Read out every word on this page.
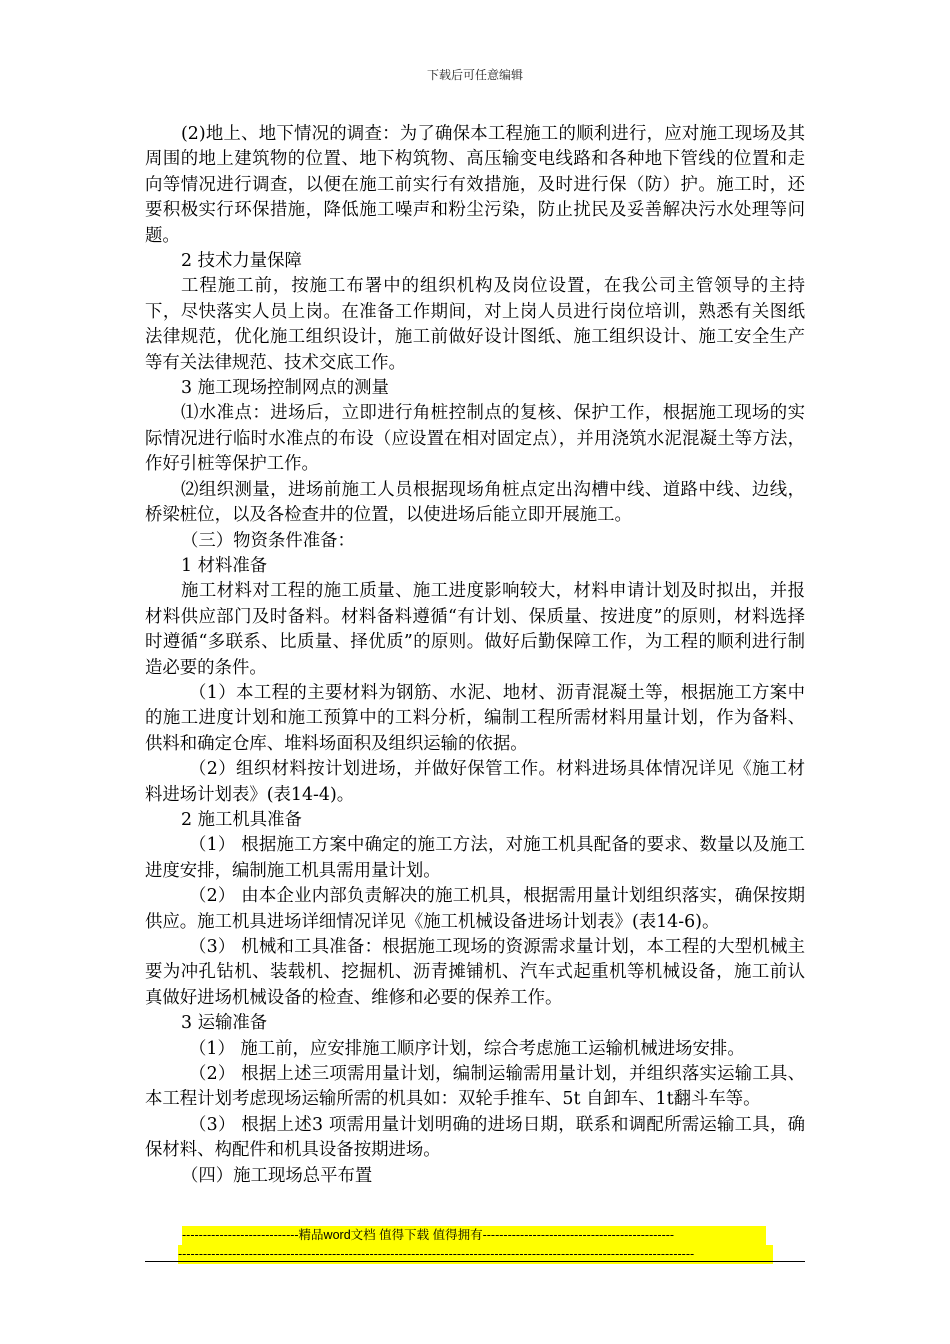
下载后可任意编辑

(2)地上、地下情况的调查：为了确保本工程施工的顺利进行，应对施工现场及其周围的地上建筑物的位置、地下构筑物、高压输变电线路和各种地下管线的位置和走向等情况进行调查，以便在施工前实行有效措施，及时进行保（防）护。施工时，还要积极实行环保措施，降低施工噪声和粉尘污染，防止扰民及妥善解决污水处理等问题。

2 技术力量保障

工程施工前，按施工布署中的组织机构及岗位设置，在我公司主管领导的主持下，尽快落实人员上岗。在准备工作期间，对上岗人员进行岗位培训，熟悉有关图纸法律规范，优化施工组织设计，施工前做好设计图纸、施工组织设计、施工安全生产等有关法律规范、技术交底工作。

3 施工现场控制网点的测量

⑴水准点：进场后，立即进行角桩控制点的复核、保护工作，根据施工现场的实际情况进行临时水准点的布设（应设置在相对固定点），并用浇筑水泥混凝土等方法，作好引桩等保护工作。

⑵组织测量，进场前施工人员根据现场角桩点定出沟槽中线、道路中线、边线，桥梁桩位，以及各检查井的位置，以使进场后能立即开展施工。

（三）物资条件准备：

1 材料准备

施工材料对工程的施工质量、施工进度影响较大，材料申请计划及时拟出，并报材料供应部门及时备料。材料备料遵循“有计划、保质量、按进度”的原则，材料选择时遵循“多联系、比质量、择优质”的原则。做好后勤保障工作，为工程的顺利进行制造必要的条件。

（1）本工程的主要材料为钢筋、水泥、地材、沥青混凝土等，根据施工方案中的施工进度计划和施工预算中的工料分析，编制工程所需材料用量计划，作为备料、供料和确定仓库、堆料场面积及组织运输的依据。

（2）组织材料按计划进场，并做好保管工作。材料进场具体情况详见《施工材料进场计划表》(表14-4)。

2 施工机具准备

（1） 根据施工方案中确定的施工方法，对施工机具配备的要求、数量以及施工进度安排，编制施工机具需用量计划。

（2） 由本企业内部负责解决的施工机具，根据需用量计划组织落实，确保按期供应。施工机具进场详细情况详见《施工机械设备进场计划表》(表14-6)。

（3） 机械和工具准备：根据施工现场的资源需求量计划，本工程的大型机械主要为冲孔钻机、装载机、挖掘机、沥青摊铺机、汽车式起重机等机械设备，施工前认真做好进场机械设备的检查、维修和必要的保养工作。

3 运输准备

（1） 施工前，应安排施工顺序计划，综合考虑施工运输机械进场安排。

（2） 根据上述三项需用量计划，编制运输需用量计划，并组织落实运输工具、本工程计划考虑现场运输所需的机具如：双轮手推车、5t 自卸车、1t翻斗车等。

（3） 根据上述3 项需用量计划明确的进场日期，联系和调配所需运输工具，确保材料、构配件和机具设备按期进场。

（四）施工现场总平布置

----------------------------精品word文档 值得下载 值得拥有----------------------------------------------
----------------------------------------------------------------------------------------------------------------------------
